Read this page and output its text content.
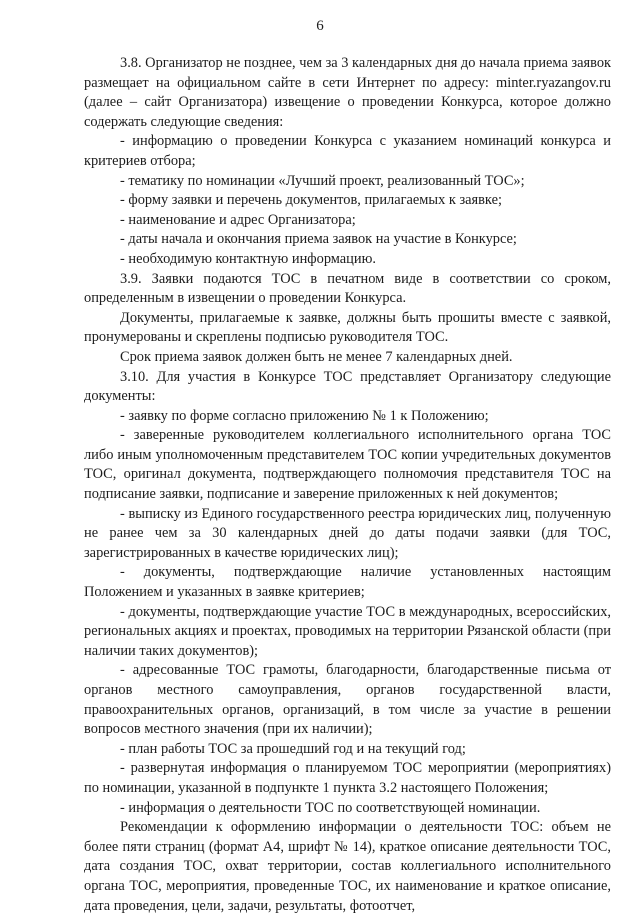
6

3.8. Организатор не позднее, чем за 3 календарных дня до начала приема заявок размещает на официальном сайте в сети Интернет по адресу: minter.ryazangov.ru (далее – сайт Организатора) извещение о проведении Конкурса, которое должно содержать следующие сведения:

- информацию о проведении Конкурса с указанием номинаций конкурса и критериев отбора;

- тематику по номинации «Лучший проект, реализованный ТОС»;

- форму заявки и перечень документов, прилагаемых к заявке;

- наименование и адрес Организатора;

- даты начала и окончания приема заявок на участие в Конкурсе;

- необходимую контактную информацию.

3.9. Заявки подаются ТОС в печатном виде в соответствии со сроком, определенным в извещении о проведении Конкурса.

Документы, прилагаемые к заявке, должны быть прошиты вместе с заявкой, пронумерованы и скреплены подписью руководителя ТОС.

Срок приема заявок должен быть не менее 7 календарных дней.

3.10. Для участия в Конкурсе ТОС представляет Организатору следующие документы:

- заявку по форме согласно приложению № 1 к Положению;

- заверенные руководителем коллегиального исполнительного органа ТОС либо иным уполномоченным представителем ТОС копии учредительных документов ТОС, оригинал документа, подтверждающего полномочия представителя ТОС на подписание заявки, подписание и заверение приложенных к ней документов;

- выписку из Единого государственного реестра юридических лиц, полученную не ранее чем за 30 календарных дней до даты подачи заявки (для ТОС, зарегистрированных в качестве юридических лиц);

- документы, подтверждающие наличие установленных настоящим Положением и указанных в заявке критериев;

- документы, подтверждающие участие ТОС в международных, всероссийских, региональных акциях и проектах, проводимых на территории Рязанской области (при наличии таких документов);

- адресованные ТОС грамоты, благодарности, благодарственные письма от органов местного самоуправления, органов государственной власти, правоохранительных органов, организаций, в том числе за участие в решении вопросов местного значения (при их наличии);

- план работы ТОС за прошедший год и на текущий год;

- развернутая информация о планируемом ТОС мероприятии (мероприятиях) по номинации, указанной в подпункте 1 пункта 3.2 настоящего Положения;

- информация о деятельности ТОС по соответствующей номинации.

Рекомендации к оформлению информации о деятельности ТОС: объем не более пяти страниц (формат А4, шрифт № 14), краткое описание деятельности ТОС, дата создания ТОС, охват территории, состав коллегиального исполнительного органа ТОС, мероприятия, проведенные ТОС, их наименование и краткое описание, дата проведения, цели, задачи, результаты, фотоотчет,
